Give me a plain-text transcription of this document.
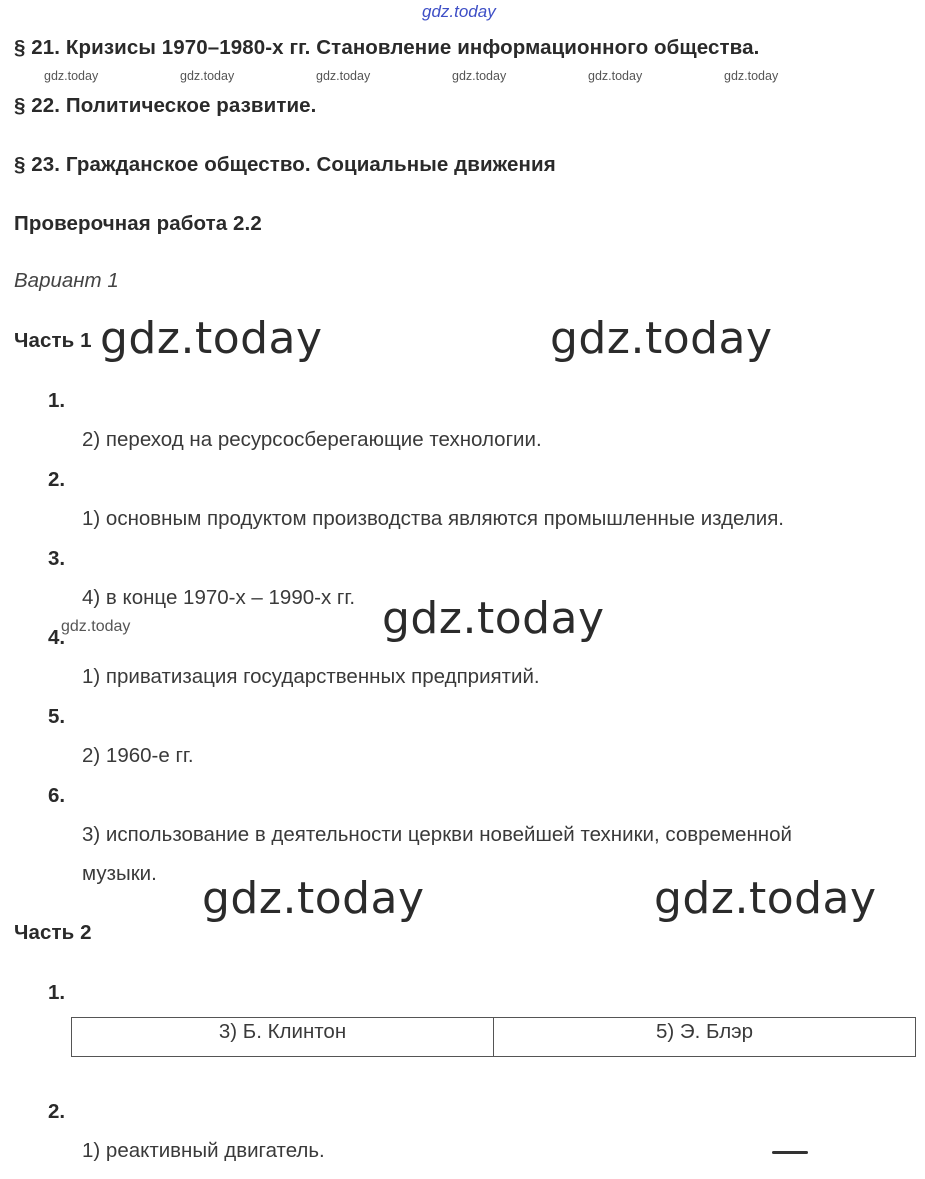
gdz.today
§ 21. Кризисы 1970–1980-х гг. Становление информационного общества.
gdz.today	gdz.today	gdz.today	gdz.today	gdz.today	gdz.today
§ 22. Политическое развитие.
§ 23. Гражданское общество. Социальные движения
Проверочная работа 2.2
Вариант 1
Часть 1 gdz.today	gdz.today
1.
2) переход на ресурсосберегающие технологии.
2.
1) основным продуктом производства являются промышленные изделия.
3.
4) в конце 1970-х – 1990-х гг. gdz.today
4.
gdz.today
1) приватизация государственных предприятий.
5.
2) 1960-е гг.
6.
3) использование в деятельности церкви новейшей техники, современной
музыки. gdz.today	gdz.today
Часть 2
1.
3) Б. Клинтон	5) Э. Блэр
2.
1) реактивный двигатель.
